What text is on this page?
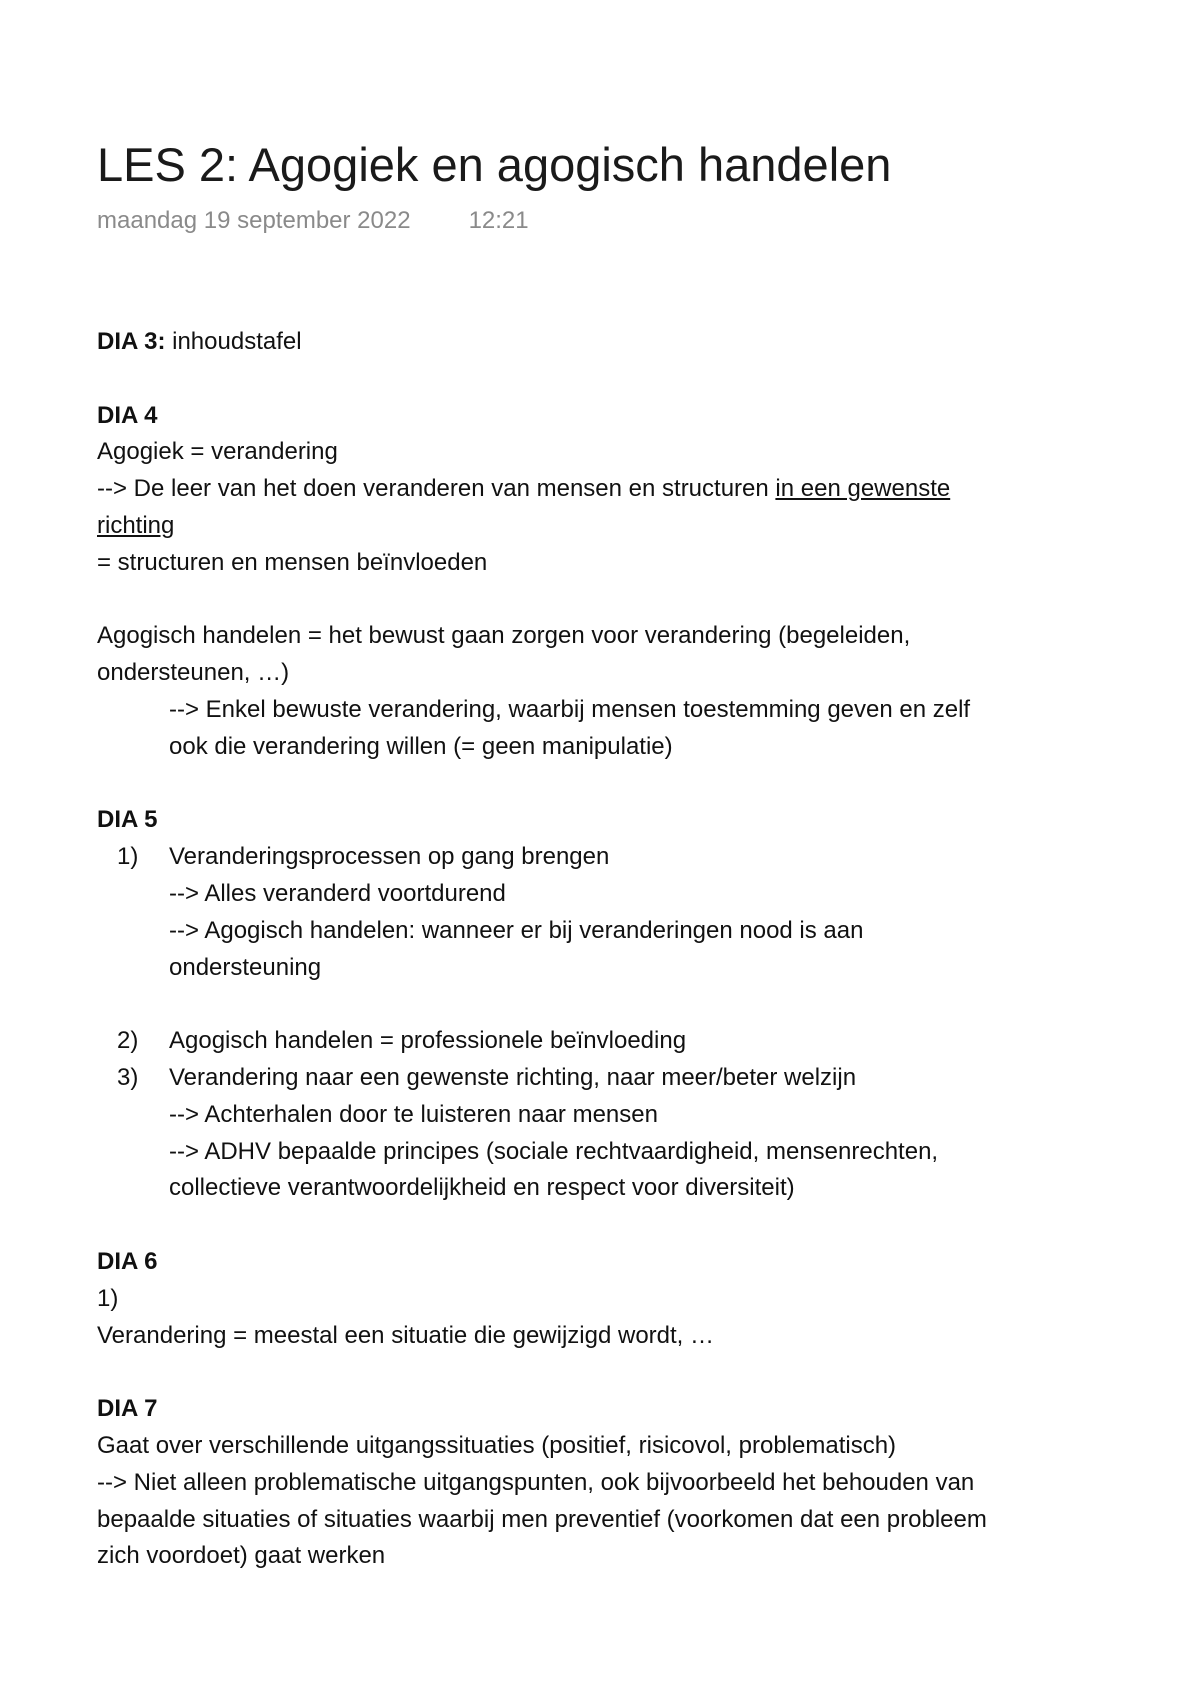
LES 2: Agogiek en agogisch handelen
maandag 19 september 2022 12:21
DIA 3: inhoudstafel
DIA 4
Agogiek = verandering
--> De leer van het doen veranderen van mensen en structuren in een gewenste
richting
= structuren en mensen beïnvloeden
Agogisch handelen = het bewust gaan zorgen voor verandering (begeleiden,
ondersteunen, …)
--> Enkel bewuste verandering, waarbij mensen toestemming geven en zelf
ook die verandering willen (= geen manipulatie)
DIA 5
1) Veranderingsprocessen op gang brengen
--> Alles veranderd voortdurend
--> Agogisch handelen: wanneer er bij veranderingen nood is aan
ondersteuning
2) Agogisch handelen = professionele beïnvloeding
3) Verandering naar een gewenste richting, naar meer/beter welzijn
--> Achterhalen door te luisteren naar mensen
--> ADHV bepaalde principes (sociale rechtvaardigheid, mensenrechten,
collectieve verantwoordelijkheid en respect voor diversiteit)
DIA 6
1)
Verandering = meestal een situatie die gewijzigd wordt, …
DIA 7
Gaat over verschillende uitgangssituaties (positief, risicovol, problematisch)
--> Niet alleen problematische uitgangspunten, ook bijvoorbeeld het behouden van
bepaalde situaties of situaties waarbij men preventief (voorkomen dat een probleem
zich voordoet) gaat werken
